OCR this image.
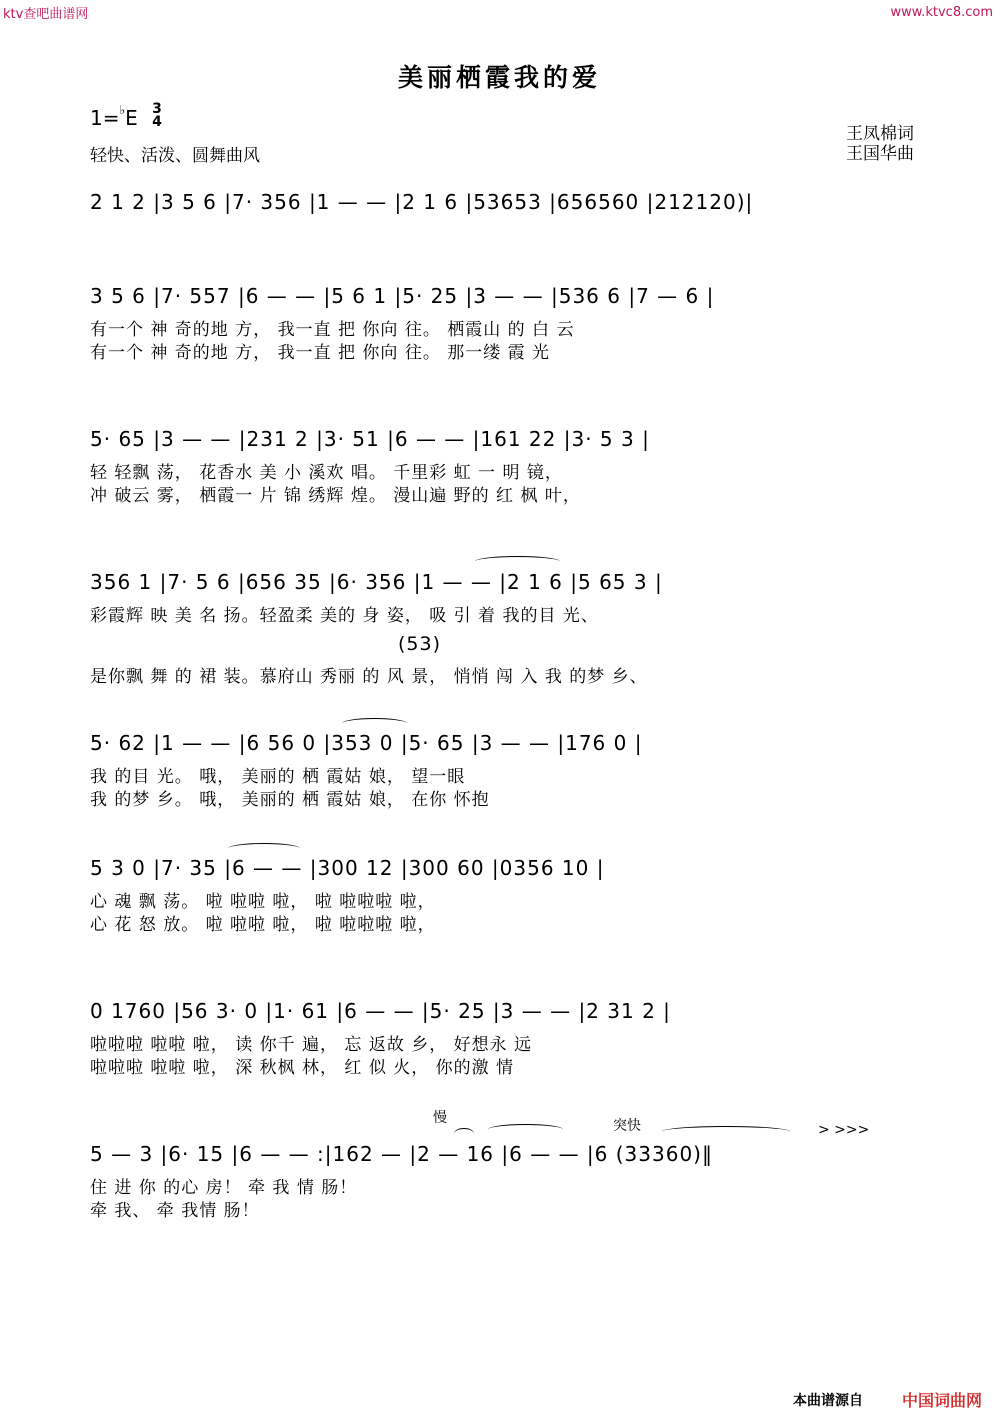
ktv查吧曲谱网	www.ktvc8.com
美丽栖霞我的爱
1=♭E 3
4
轻快、活泼、圆舞曲风
王凤棉词
王国华曲
2 1 2 |3 5 6 |7· 356 |1 — — |2 1 6 |53653 |656560 |212120)|
3 5 6 |7· 557 |6 — — |5 6 1 |5· 25 |3 — — |536 6 |7 — 6 |
有一个 神 奇的地 方， 我一直 把 你向 往。 栖霞山 的 白 云
有一个 神 奇的地 方， 我一直 把 你向 往。 那一缕 霞 光
5· 65 |3 — — |231 2 |3· 51 |6 — — |161 22 |3· 5 3 |
轻 轻飘 荡， 花香水 美 小 溪欢 唱。 千里彩 虹 一 明 镜，
冲 破云 雾， 栖霞一 片 锦 绣辉 煌。 漫山遍 野的 红 枫 叶，
356 1 |7· 5 6 |656 35 |6· 356 |1 — — |2 1 6 |5 65 3 |
彩霞辉 映 美 名 扬。轻盈柔 美的 身 姿， 吸 引 着 我的目 光、
(53)
是你飘 舞 的 裙 装。慕府山 秀丽 的 风 景， 悄悄 闯 入 我 的梦 乡、
5· 62 |1 — — |6 56 0 |353 0 |5· 65 |3 — — |176 0 |
我 的目 光。 哦， 美丽的 栖 霞姑 娘， 望一眼
我 的梦 乡。 哦， 美丽的 栖 霞姑 娘， 在你 怀抱
5 3 0 |7· 35 |6 — — |300 12 |300 60 |0356 10 |
心 魂 飘 荡。 啦 啦啦 啦， 啦 啦啦啦 啦，
心 花 怒 放。 啦 啦啦 啦， 啦 啦啦啦 啦，
0 1760 |56 3· 0 |1· 61 |6 — — |5· 25 |3 — — |2 31 2 |
啦啦啦 啦啦 啦， 读 你千 遍， 忘 返故 乡， 好想永 远
啦啦啦 啦啦 啦， 深 秋枫 林， 红 似 火， 你的激 情
慢	突快	> >>>
5 — 3 |6· 15 |6 — — :|162 — |2 — 16 |6 — — |6 (33360)‖
住 进 你 的心 房！ 牵 我 情 肠！
牵 我、 牵 我情 肠！
本曲谱源自 中国词曲网
